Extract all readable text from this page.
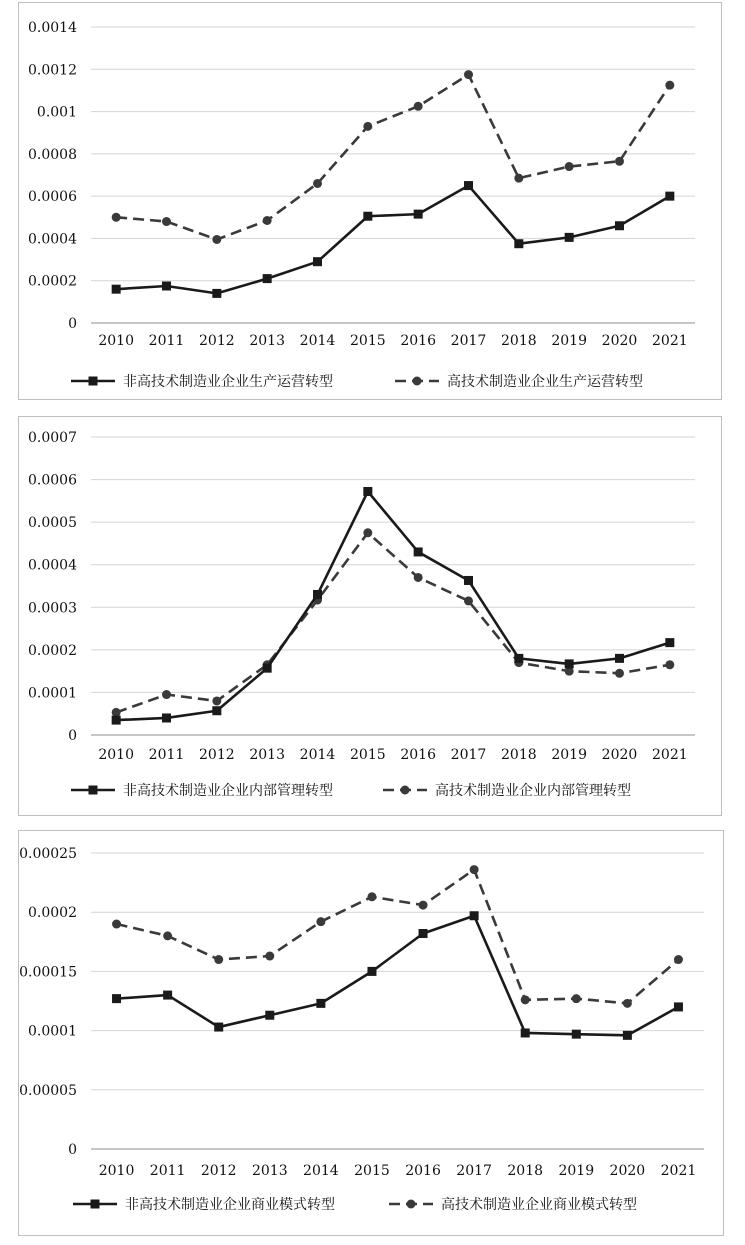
0
0.0002
0.0004
0.0006
0.0008
0.001
0.0012
0.0014
2010 2011 2012 2013 2014 2015 2016 2017 2018 2019 2020 2021
非高技术制造业企业生产运营转型	高技术制造业企业生产运营转型
0
0.0001
0.0002
0.0003
0.0004
0.0005
0.0006
0.0007
2010 2011 2012 2013 2014 2015 2016 2017 2018 2019 2020 2021
非高技术制造业企业内部管理转型	高技术制造业企业内部管理转型
0
0.00005
0.0001
0.00015
0.0002
0.00025
2010 2011 2012 2013 2014 2015 2016 2017 2018 2019 2020 2021
非高技术制造业企业商业模式转型	高技术制造业企业商业模式转型
